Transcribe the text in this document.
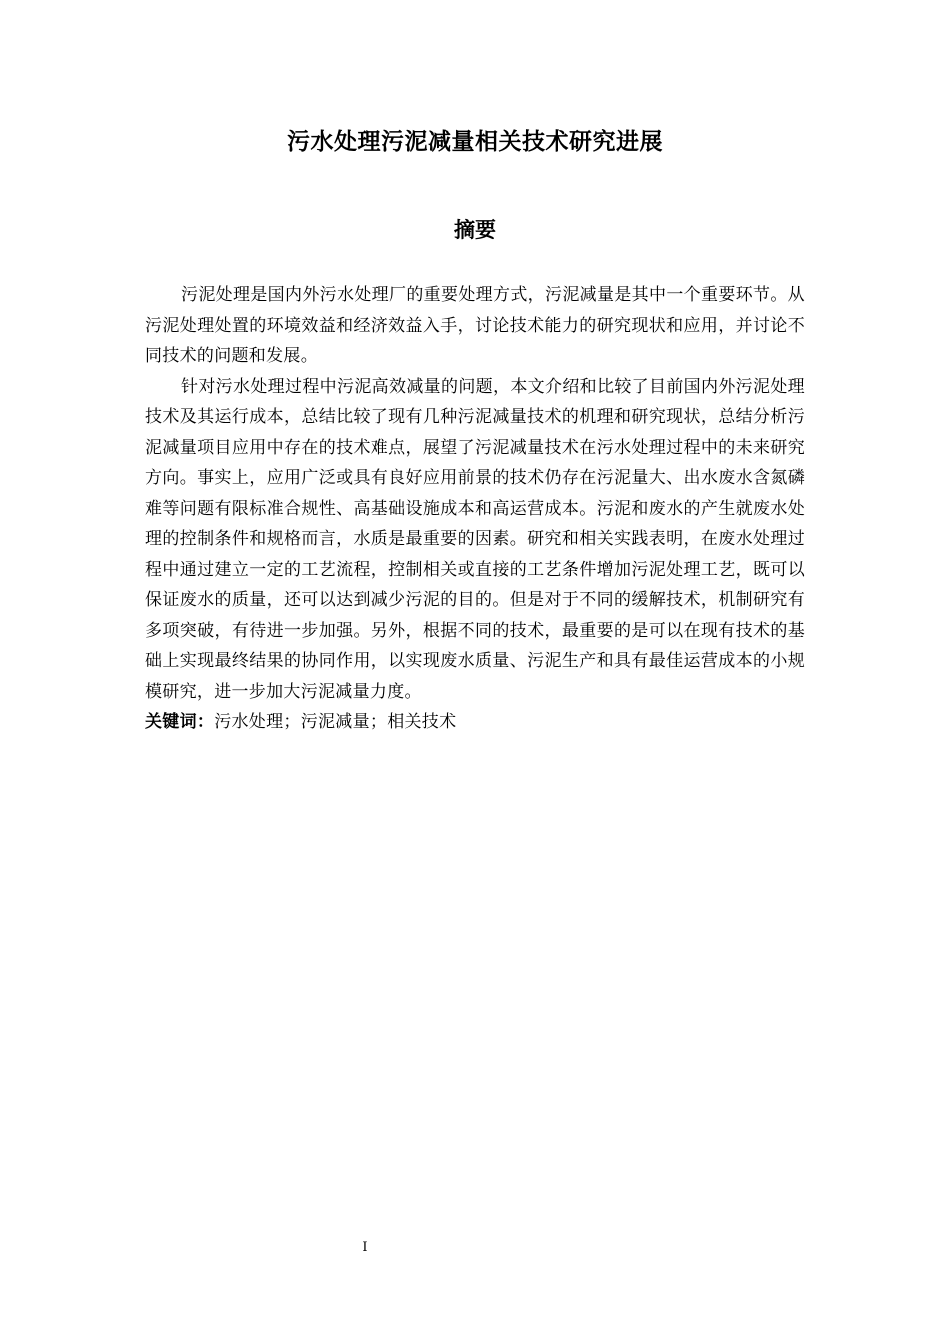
污水处理污泥减量相关技术研究进展
摘要

污泥处理是国内外污水处理厂的重要处理方式，污泥减量是其中一个重要环节。从污泥处理处置的环境效益和经济效益入手，讨论技术能力的研究现状和应用，并讨论不同技术的问题和发展。

针对污水处理过程中污泥高效减量的问题，本文介绍和比较了目前国内外污泥处理技术及其运行成本，总结比较了现有几种污泥减量技术的机理和研究现状，总结分析污泥减量项目应用中存在的技术难点，展望了污泥减量技术在污水处理过程中的未来研究方向。事实上，应用广泛或具有良好应用前景的技术仍存在污泥量大、出水废水含氮磷难等问题有限标准合规性、高基础设施成本和高运营成本。污泥和废水的产生就废水处理的控制条件和规格而言，水质是最重要的因素。研究和相关实践表明，在废水处理过程中通过建立一定的工艺流程，控制相关或直接的工艺条件增加污泥处理工艺，既可以保证废水的质量，还可以达到减少污泥的目的。但是对于不同的缓解技术，机制研究有多项突破，有待进一步加强。另外，根据不同的技术，最重要的是可以在现有技术的基础上实现最终结果的协同作用，以实现废水质量、污泥生产和具有最佳运营成本的小规模研究，进一步加大污泥减量力度。

关键词：污水处理；污泥减量；相关技术

I
